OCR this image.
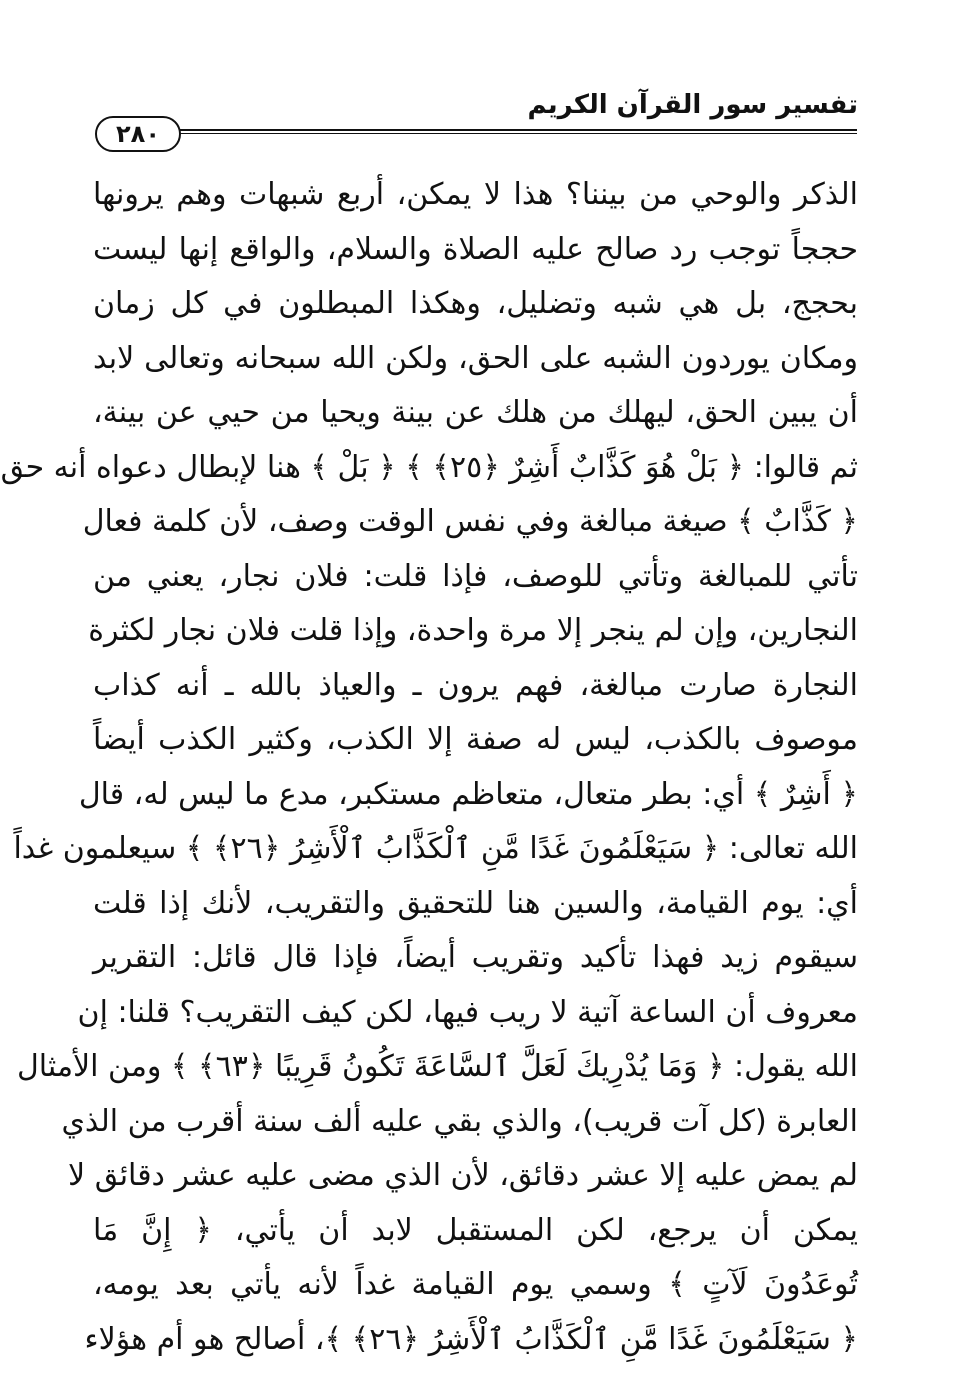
تفسير سور القرآن الكريم
٢٨٠
الذكر والوحي من بيننا؟ هذا لا يمكن، أربع شبهات وهم يرونها
حججاً توجب رد صالح عليه الصلاة والسلام، والواقع إنها ليست
بحجج، بل هي شبه وتضليل، وهكذا المبطلون في كل زمان
ومكان يوردون الشبه على الحق، ولكن الله سبحانه وتعالى لابد
أن يبين الحق، ليهلك من هلك عن بينة ويحيا من حيي عن بينة،
ثم قالوا: ﴿ بَلْ هُوَ كَذَّابٌ أَشِرٌ ﴿٢٥﴾ ﴾ ﴿ بَلْ ﴾ هنا لإبطال دعواه أنه حق
﴿ كَذَّابٌ ﴾ صيغة مبالغة وفي نفس الوقت وصف، لأن كلمة فعال
تأتي للمبالغة وتأتي للوصف، فإذا قلت: فلان نجار، يعني من
النجارين، وإن لم ينجر إلا مرة واحدة، وإذا قلت فلان نجار لكثرة
النجارة صارت مبالغة، فهم يرون ـ والعياذ بالله ـ أنه كذاب
موصوف بالكذب، ليس له صفة إلا الكذب، وكثير الكذب أيضاً
﴿ أَشِرٌ ﴾ أي: بطر متعال، متعاظم مستكبر، مدع ما ليس له، قال
الله تعالى: ﴿ سَيَعْلَمُونَ غَدًا مَّنِ ٱلْكَذَّابُ ٱلْأَشِرُ ﴿٢٦﴾ ﴾ سيعلمون غداً
أي: يوم القيامة، والسين هنا للتحقيق والتقريب، لأنك إذا قلت
سيقوم زيد فهذا تأكيد وتقريب أيضاً، فإذا قال قائل: التقرير
معروف أن الساعة آتية لا ريب فيها، لكن كيف التقريب؟ قلنا: إن
الله يقول: ﴿ وَمَا يُدْرِيكَ لَعَلَّ ٱلسَّاعَةَ تَكُونُ قَرِيبًا ﴿٦٣﴾ ﴾ ومن الأمثال
العابرة (كل آت قريب)، والذي بقي عليه ألف سنة أقرب من الذي
لم يمض عليه إلا عشر دقائق، لأن الذي مضى عليه عشر دقائق لا
يمكن أن يرجع، لكن المستقبل لابد أن يأتي، ﴿ إِنَّ مَا
تُوعَدُونَ لَآتٍ ﴾ وسمي يوم القيامة غداً لأنه يأتي بعد يومه،
﴿ سَيَعْلَمُونَ غَدًا مَّنِ ٱلْكَذَّابُ ٱلْأَشِرُ ﴿٢٦﴾ ﴾، أصالح هو أم هؤلاء
